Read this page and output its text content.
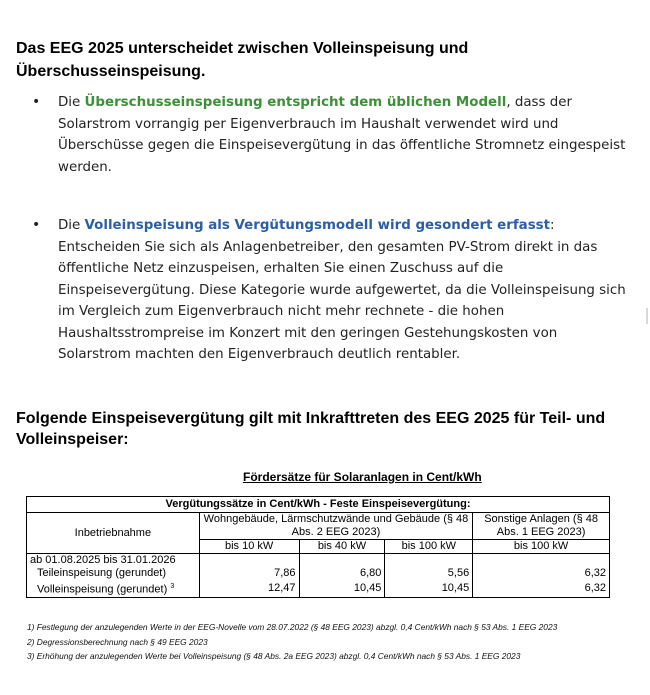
Das EEG 2025 unterscheidet zwischen Volleinspeisung und Überschusseinspeisung.

• Die Überschusseinspeisung entspricht dem üblichen Modell, dass der Solarstrom vorrangig per Eigenverbrauch im Haushalt verwendet wird und Überschüsse gegen die Einspeisevergütung in das öffentliche Stromnetz eingespeist werden.
• Die Volleinspeisung als Vergütungsmodell wird gesondert erfasst: Entscheiden Sie sich als Anlagenbetreiber, den gesamten PV-Strom direkt in das öffentliche Netz einzuspeisen, erhalten Sie einen Zuschuss auf die Einspeisevergütung. Diese Kategorie wurde aufgewertet, da die Volleinspeisung sich im Vergleich zum Eigenverbrauch nicht mehr rechnete - die hohen Haushaltsstrompreise im Konzert mit den geringen Gestehungskosten von Solarstrom machten den Eigenverbrauch deutlich rentabler.

Folgende Einspeisevergütung gilt mit Inkrafttreten des EEG 2025 für Teil- und Volleinspeiser:

Fördersätze für Solaranlagen in Cent/kWh
Vergütungssätze in Cent/kWh - Feste Einspeisevergütung:				
Inbetriebnahme	Wohngebäude, Lärmschutzwände und Gebäude (§ 48 Abs. 2 EEG 2023)			Sonstige Anlagen (§ 48 Abs. 1 EEG 2023)
	bis 10 kW	bis 40 kW	bis 100 kW	bis 100 kW
ab 01.08.2025 bis 31.01.2026				
Teileinspeisung (gerundet)	7,86	6,80	5,56	6,32
Volleinspeisung (gerundet) $^3$	12,47	10,45	10,45	6,32
1) Festlegung der anzulegenden Werte in der EEG-Novelle vom 28.07.2022 (§ 48 EEG 2023) abzgl. 0,4 Cent/kWh nach § 53 Abs. 1 EEG 2023
2) Degressionsberechnung nach § 49 EEG 2023
3) Erhöhung der anzulegenden Werte bei Volleinspeisung (§ 48 Abs. 2a EEG 2023) abzgl. 0,4 Cent/kWh nach § 53 Abs. 1 EEG 2023
